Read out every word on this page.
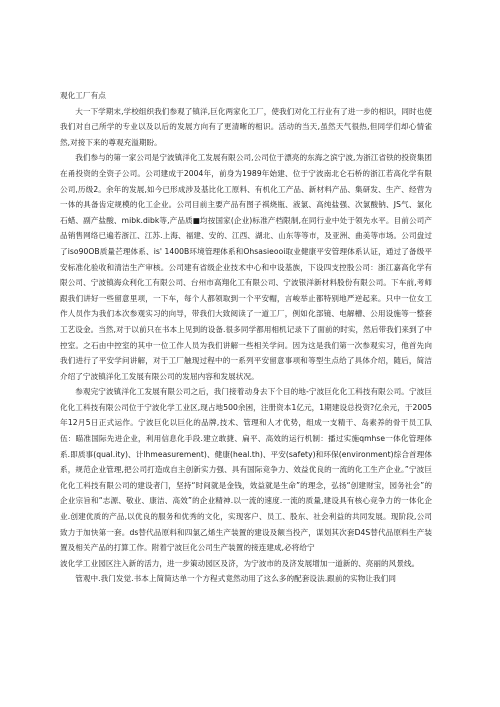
观化工厂有点

大一下学期末,学校组织我们参观了镇洋,巨化两家化工厂，使我们对化工行业有了进一步的相识，同时也使我们对自己所学的专业以及以后的发展方向有了更清晰的相识。活动的当天,虽然天气很热,但同学们却心情雀然,对接下来的尊观充溢期盼。

我们参与的第一家公司是宁波镇洋化工发展有限公司,公司位于漂亮的东海之滨宁波,为浙江省铁的投资集团在甬投资的全资子公司。公司建成于2004年，前身为1989年始建、位于宁波南北仑石桥的浙江若高化学有限公司,历级2。余年的发展,如今已形成涉及基比化工原料、有机化工产品、新材料产品、集研发、生产、经营为一体的具备齿定规模的化工企业。公司目前主要产品有图子祺烧瓶、液氯、高纯盐强、次氯酸钠、JS气、氯化石蜡、副产盐酸、mibk.dibk等,产品质■均按国家(企业)标准产档限制,在同行业中处于领先水平。目前公司产品销售网络已遍若浙江、江苏.上海、福建、安的、江西、湖北、山东等等市，及亚洲、曲美等市场。公司盘过了iso90OB质量芒理体系、is' 1400B环境管理体系和Ohsasieooi取业健康平安管理体系认证，通过了备级平安标准化验收和清洁生产审核。公司建有省级企业技术中心和中设基族，下设四支控股公司：浙江嘉高化学有限公司、宁波镇海众利化工有限公司、台州市高翔化工有限公司、宁波银洋新材料股份有限公司。下车前,考师跟我们讲好一些留意里项，一下车，每个人都领取到一个平安帽，言峻举止都特别地严逆起来。只中一位女工作人员作为我们本次参观实习的向导，带我们大致阅读了一道工厂，例如化部镜、电解槽、公用设施等一整套工艺设金。当然,对于以前只在书本上见到的设备.很多同学都用相机记录下了面前的时实，然后带我们来到了中控室。之石由中控室的其中一位工作人员为我们讲解一些相关学问。因为这是我们第一次参观实习，他首先向我们进行了平安学问讲解，对于工厂触现过程中的一系列平安留意事项和等型生点给了具体介绍，随后，简洁介绍了宁波镇洋化工发展有限公司的发屈内容和发展状况。

参观完宁波镇洋化工发展有限公司之后，我门接着动身去下个目的地-宁波巨化化工科技有限公司。宁波巨化化工科技有限公司位于宁波化学工业区,现占地500余困，注册资本1亿元，1期建设总投资?亿余元，于2005年12月5日正式运作。宁波巨化以巨化的品牌,技术、管理和人才优势，组成一支精干、岛素养的骨干员工队伍：瞄准国际先进企业，利用信息化手段.建立敢捷、扁平、高效的运行机制：播过实施qmhse一体化管理体系.即质事(qual.ity)、计lhmeasurement)、健康(heal.th)、平安(safety)和环保(environment)综合首理体系，规范企业管理,把公司打造成自主创新实力强、具有国际竞争力、效益优良的一流的化工生产企业。”宁波巨化化工科技有限公司的建设者门，坚持“时间就是金钱，效益就是生命”的理念，弘扬“创建财宝，园务社会”的企业宗旨和“志源、敬业、康洁、高效”的企业精神.以一流的速度.一流的质量,建设具有核心竞争力的一体化企业.创建优质的产品,以优良的服务和优秀的文化，实现客户、员工、股东、社会利益的共同发展。现阶段,公司致力于加快第一套。ds替代品原料和四氯乙烯生产装置的建设及额当投产，谋划其次套D4S替代品原料生产装置及相关产品的打算工作。附着宁波巨化公司生产装置的接连建成,必将给宁

波化学工业园区注入新的活力，进一步策动园区及济，为宁波市的及济发展增加一道新的、亮丽的风景线。

管观中.我门发觉.书本上简简达单一个方程式竟然动用了这么多的配套设法.跟前的实物让我们同
